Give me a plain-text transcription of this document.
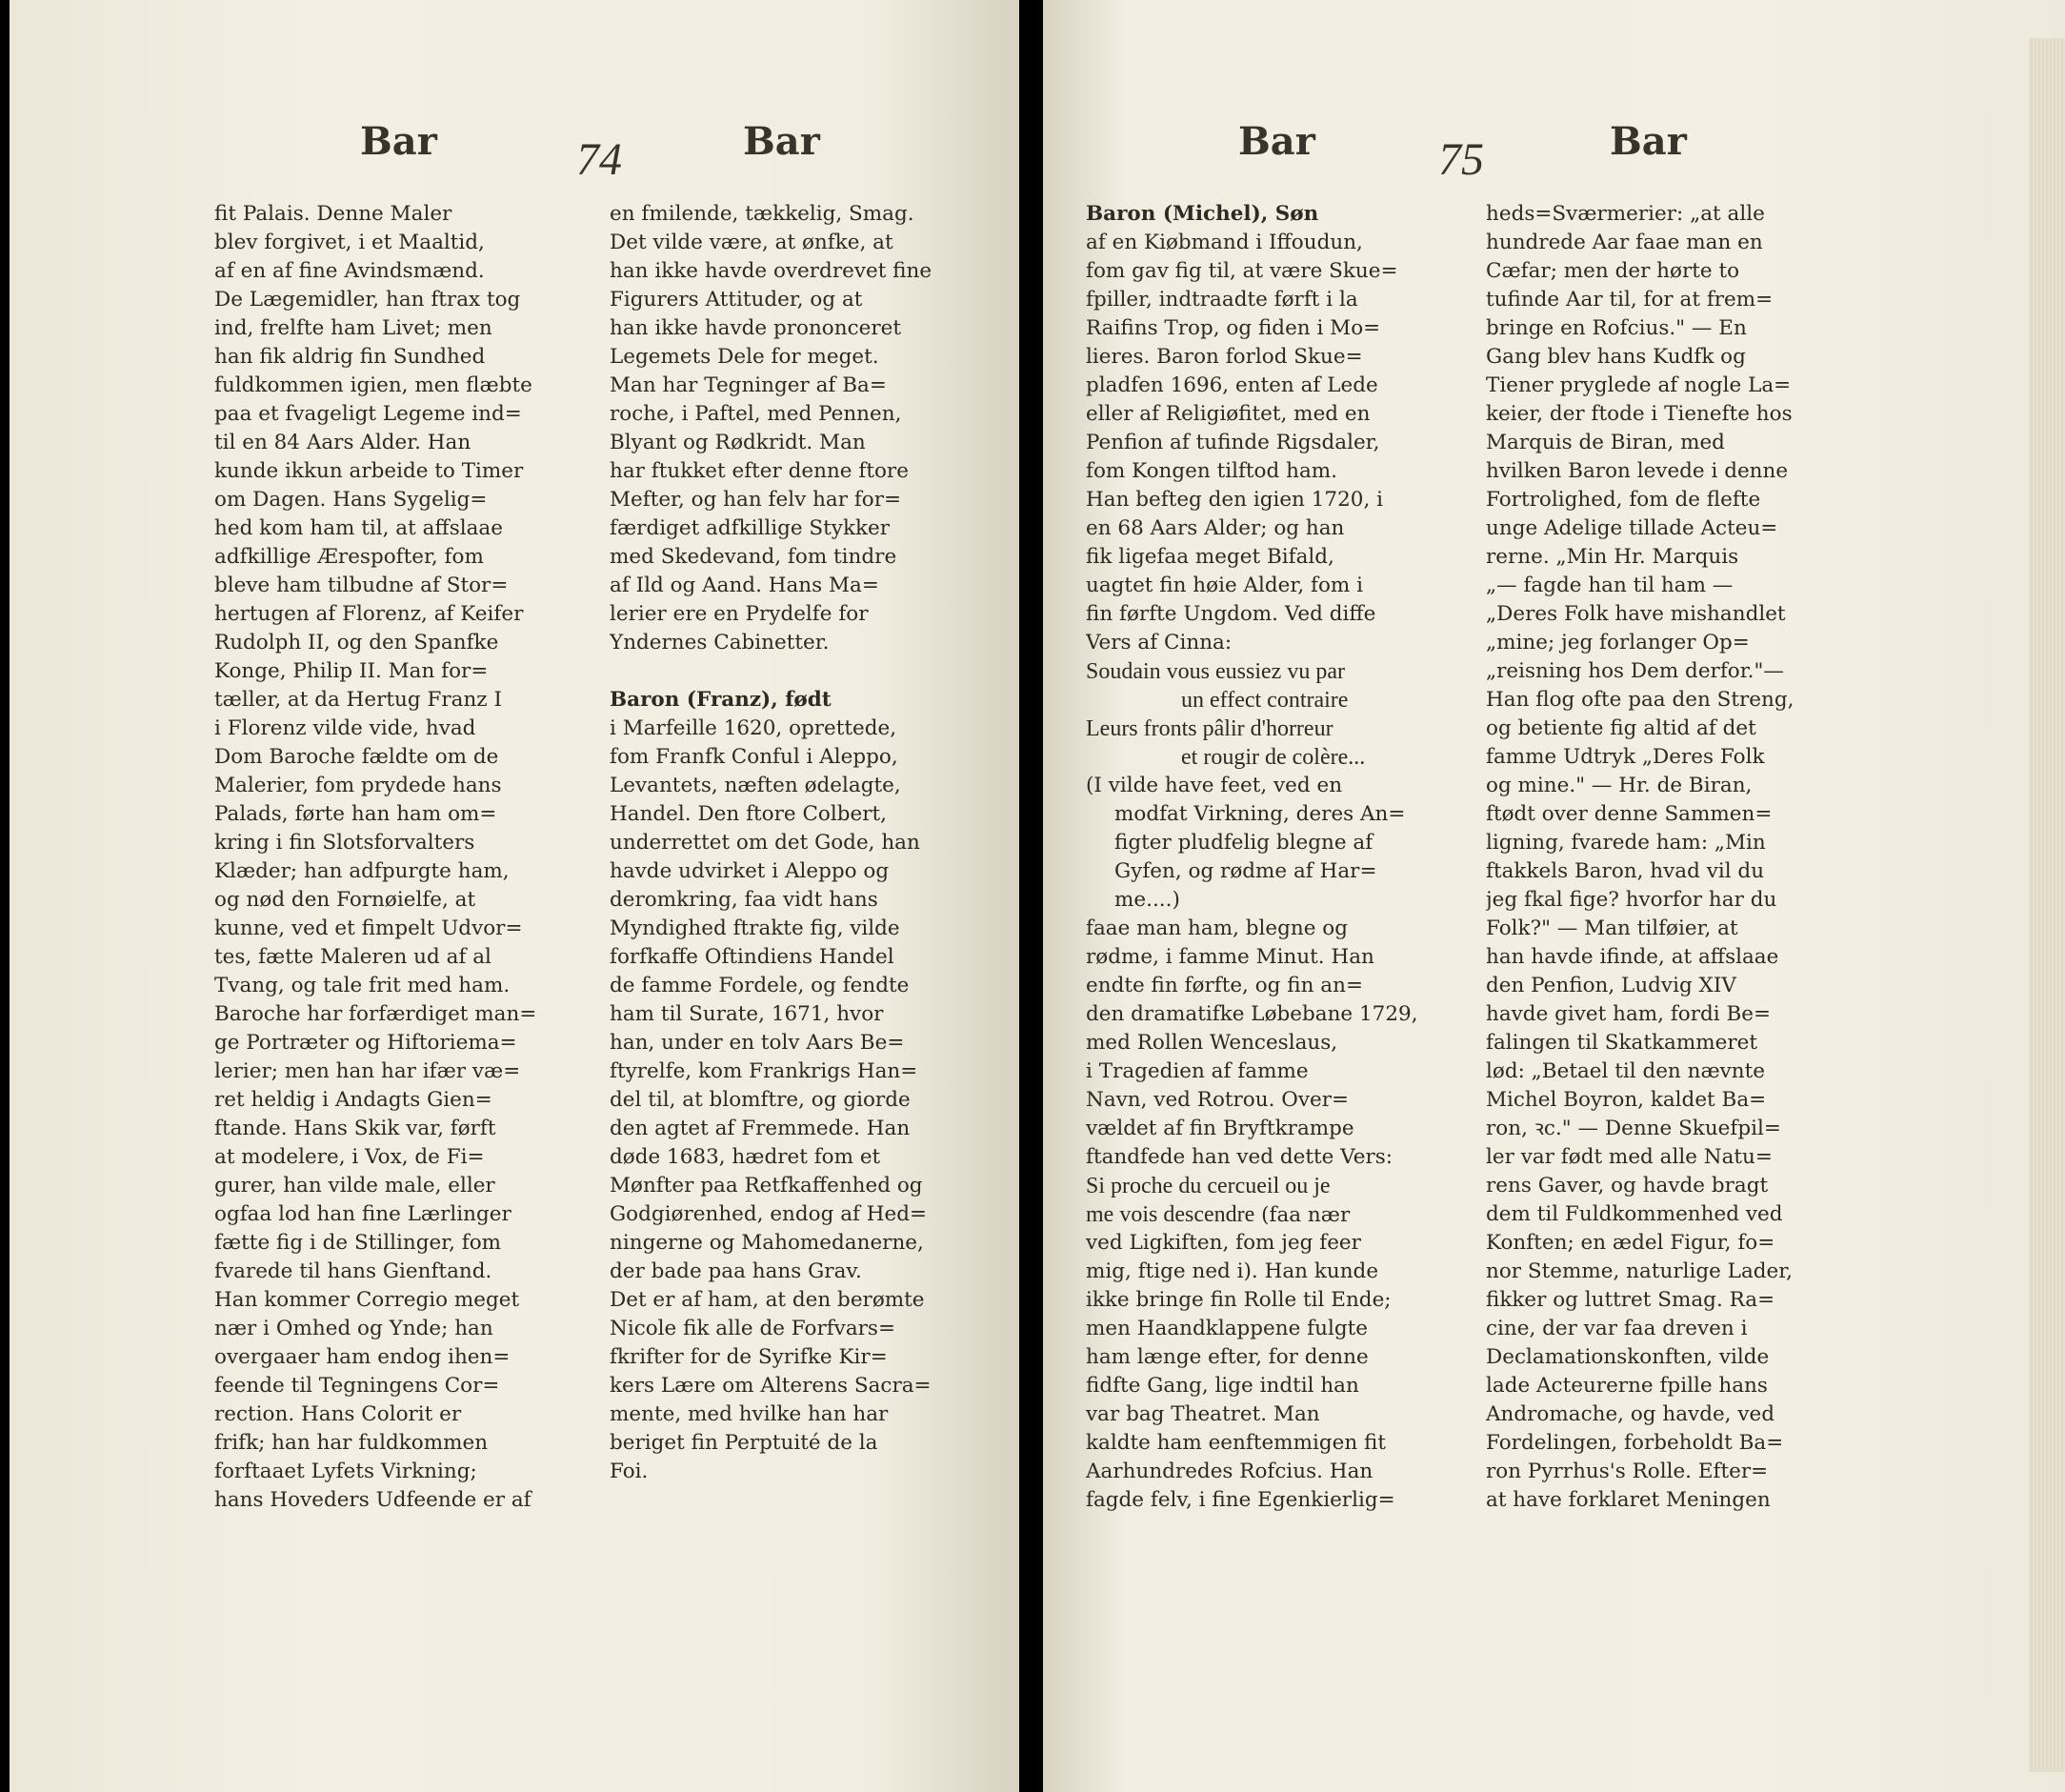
Bar	74	Bar
fit Palais. Denne Maler
blev forgivet, i et Maaltid,
af en af fine Avindsmænd.
De Lægemidler, han ftrax tog
ind, frelfte ham Livet; men
han fik aldrig fin Sundhed
fuldkommen igien, men flæbte
paa et fvageligt Legeme ind=
til en 84 Aars Alder. Han
kunde ikkun arbeide to Timer
om Dagen. Hans Sygelig=
hed kom ham til, at affslaae
adfkillige Ærespofter, fom
bleve ham tilbudne af Stor=
hertugen af Florenz, af Keifer
Rudolph II, og den Spanfke
Konge, Philip II. Man for=
tæller, at da Hertug Franz I
i Florenz vilde vide, hvad
Dom Baroche fældte om de
Malerier, fom prydede hans
Palads, førte han ham om=
kring i fin Slotsforvalters
Klæder; han adfpurgte ham,
og nød den Fornøielfe, at
kunne, ved et fimpelt Udvor=
tes, fætte Maleren ud af al
Tvang, og tale frit med ham.
Baroche har forfærdiget man=
ge Portræter og Hiftoriema=
lerier; men han har ifær væ=
ret heldig i Andagts Gien=
ftande. Hans Skik var, førft
at modelere, i Vox, de Fi=
gurer, han vilde male, eller
ogfaa lod han fine Lærlinger
fætte fig i de Stillinger, fom
fvarede til hans Gienftand.
Han kommer Corregio meget
nær i Omhed og Ynde; han
overgaaer ham endog ihen=
feende til Tegningens Cor=
rection. Hans Colorit er
frifk; han har fuldkommen
forftaaet Lyfets Virkning;
hans Hoveders Udfeende er af
en fmilende, tækkelig, Smag.
Det vilde være, at ønfke, at
han ikke havde overdrevet fine
Figurers Attituder, og at
han ikke havde prononceret
Legemets Dele for meget.
Man har Tegninger af Ba=
roche, i Paftel, med Pennen,
Blyant og Rødkridt. Man
har ftukket efter denne ftore
Mefter, og han felv har for=
færdiget adfkillige Stykker
med Skedevand, fom tindre
af Ild og Aand. Hans Ma=
lerier ere en Prydelfe for
Yndernes Cabinetter.
Baron (Franz), født
i Marfeille 1620, oprettede,
fom Franfk Conful i Aleppo,
Levantets, næften ødelagte,
Handel. Den ftore Colbert,
underrettet om det Gode, han
havde udvirket i Aleppo og
deromkring, faa vidt hans
Myndighed ftrakte fig, vilde
forfkaffe Oftindiens Handel
de famme Fordele, og fendte
ham til Surate, 1671, hvor
han, under en tolv Aars Be=
ftyrelfe, kom Frankrigs Han=
del til, at blomftre, og giorde
den agtet af Fremmede. Han
døde 1683, hædret fom et
Mønfter paa Retfkaffenhed og
Godgiørenhed, endog af Hed=
ningerne og Mahomedanerne,
der bade paa hans Grav.
Det er af ham, at den berømte
Nicole fik alle de Forfvars=
fkrifter for de Syrifke Kir=
kers Lære om Alterens Sacra=
mente, med hvilke han har
beriget fin Perptuité de la
Foi.
Bar	75	Bar
Baron (Michel), Søn
af en Kiøbmand i Iffoudun,
fom gav fig til, at være Skue=
fpiller, indtraadte førft i la
Raifins Trop, og fiden i Mo=
lieres. Baron forlod Skue=
pladfen 1696, enten af Lede
eller af Religiøfitet, med en
Penfion af tufinde Rigsdaler,
fom Kongen tilftod ham.
Han befteg den igien 1720, i
en 68 Aars Alder; og han
fik ligefaa meget Bifald,
uagtet fin høie Alder, fom i
fin førfte Ungdom. Ved diffe
Vers af Cinna:
Soudain vous eussiez vu par
un effect contraire
Leurs fronts pâlir d'horreur
et rougir de colère...
(I vilde have feet, ved en
modfat Virkning, deres An=
figter pludfelig blegne af
Gyfen, og rødme af Har=
me....)
faae man ham, blegne og
rødme, i famme Minut. Han
endte fin førfte, og fin an=
den dramatifke Løbebane 1729,
med Rollen Wenceslaus,
i Tragedien af famme
Navn, ved Rotrou. Over=
vældet af fin Bryftkrampe
ftandfede han ved dette Vers:
Si proche du cercueil ou je
me vois descendre (faa nær
ved Ligkiften, fom jeg feer
mig, ftige ned i). Han kunde
ikke bringe fin Rolle til Ende;
men Haandklappene fulgte
ham længe efter, for denne
fidfte Gang, lige indtil han
var bag Theatret. Man
kaldte ham eenftemmigen fit
Aarhundredes Rofcius. Han
fagde felv, i fine Egenkierlig=
heds=Sværmerier: „at alle
hundrede Aar faae man en
Cæfar; men der hørte to
tufinde Aar til, for at frem=
bringe en Rofcius." — En
Gang blev hans Kudfk og
Tiener pryglede af nogle La=
keier, der ftode i Tienefte hos
Marquis de Biran, med
hvilken Baron levede i denne
Fortrolighed, fom de flefte
unge Adelige tillade Acteu=
rerne. „Min Hr. Marquis
„— fagde han til ham —
„Deres Folk have mishandlet
„mine; jeg forlanger Op=
„reisning hos Dem derfor."—
Han flog ofte paa den Streng,
og betiente fig altid af det
famme Udtryk „Deres Folk
og mine." — Hr. de Biran,
ftødt over denne Sammen=
ligning, fvarede ham: „Min
ftakkels Baron, hvad vil du
jeg fkal fige? hvorfor har du
Folk?" — Man tilføier, at
han havde ifinde, at affslaae
den Penfion, Ludvig XIV
havde givet ham, fordi Be=
falingen til Skatkammeret
lød: „Betael til den nævnte
Michel Boyron, kaldet Ba=
ron, ꝛc." — Denne Skuefpil=
ler var født med alle Natu=
rens Gaver, og havde bragt
dem til Fuldkommenhed ved
Konften; en ædel Figur, fo=
nor Stemme, naturlige Lader,
fikker og luttret Smag. Ra=
cine, der var faa dreven i
Declamationskonften, vilde
lade Acteurerne fpille hans
Andromache, og havde, ved
Fordelingen, forbeholdt Ba=
ron Pyrrhus's Rolle. Efter=
at have forklaret Meningen
